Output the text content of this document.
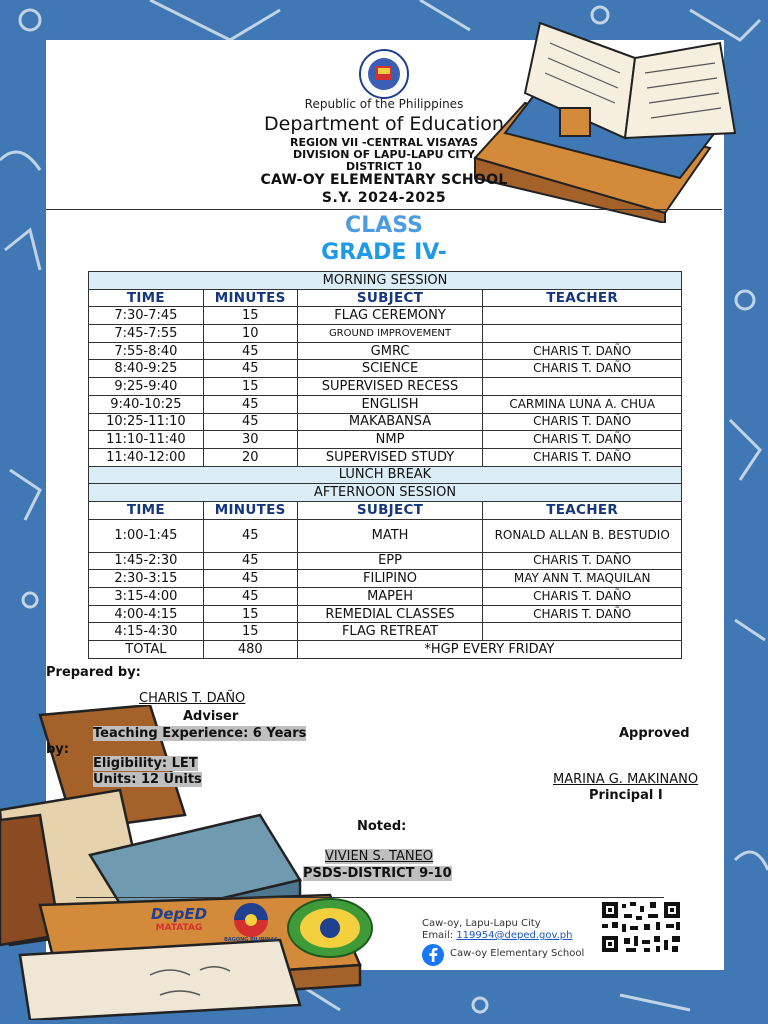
Republic of the Philippines
Department of Education
REGION VII -CENTRAL VISAYAS
DIVISION OF LAPU-LAPU CITY
DISTRICT 10
CAW-OY ELEMENTARY SCHOOL
S.Y. 2024-2025
CLASS
GRADE IV-
MORNING SESSION			
TIME	MINUTES	SUBJECT	TEACHER
7:30-7:45	15	FLAG CEREMONY	
7:45-7:55	10	GROUND IMPROVEMENT	
7:55-8:40	45	GMRC	CHARIS T. DAÑO
8:40-9:25	45	SCIENCE	CHARIS T. DAÑO
9:25-9:40	15	SUPERVISED RECESS	
9:40-10:25	45	ENGLISH	CARMINA LUNA A. CHUA
10:25-11:10	45	MAKABANSA	CHARIS T. DAÑO
11:10-11:40	30	NMP	CHARIS T. DAÑO
11:40-12:00	20	SUPERVISED STUDY	CHARIS T. DAÑO
LUNCH BREAK			
AFTERNOON SESSION			
TIME	MINUTES	SUBJECT	TEACHER
1:00-1:45	45	MATH	RONALD ALLAN B. BESTUDIO
1:45-2:30	45	EPP	CHARIS T. DAÑO
2:30-3:15	45	FILIPINO	MAY ANN T. MAQUILAN
3:15-4:00	45	MAPEH	CHARIS T. DAÑO
4:00-4:15	15	REMEDIAL CLASSES	CHARIS T. DAÑO
4:15-4:30	15	FLAG RETREAT	
TOTAL	480	*HGP EVERY FRIDAY	
Prepared by:
CHARIS T. DAÑO
Adviser
Teaching Experience: 6 Years	Approved
by:
Eligibility: LET
Units: 12 Units	MARINA G. MAKINANO
Principal I
Noted:
VIVIEN S. TANEO
PSDS-DISTRICT 9-10
DepED
MATATAG
BAGONG PILIPINAS
Caw-oy, Lapu-Lapu City
Email: 119954@deped.gov.ph
Caw-oy Elementary School
